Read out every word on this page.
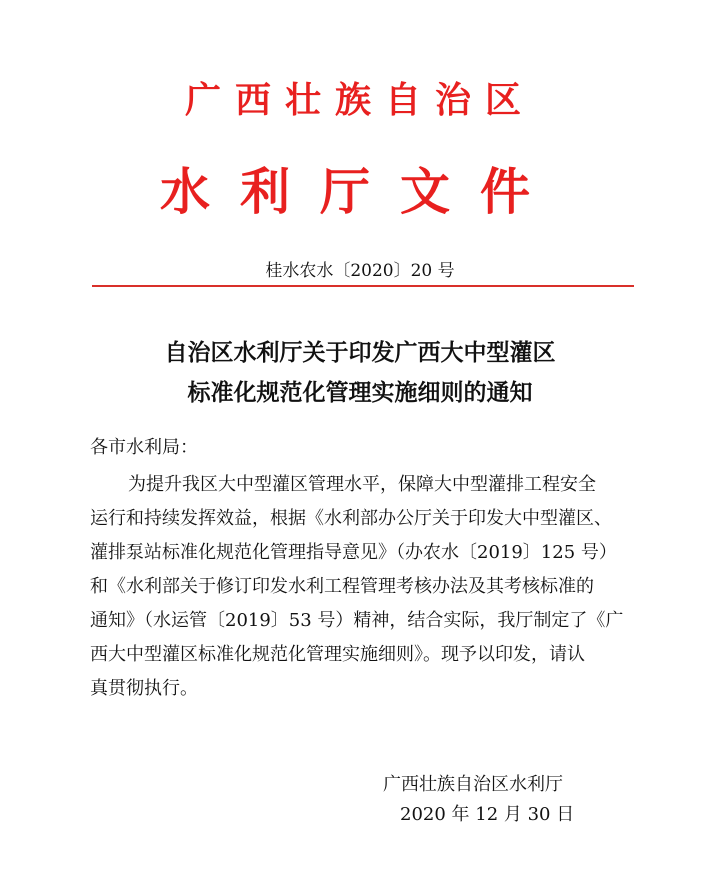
广西壮族自治区
水利厅文件
桂水农水〔2020〕20 号
自治区水利厅关于印发广西大中型灌区
标准化规范化管理实施细则的通知
各市水利局：
为提升我区大中型灌区管理水平，保障大中型灌排工程安全
运行和持续发挥效益，根据《水利部办公厅关于印发大中型灌区、
灌排泵站标准化规范化管理指导意见》（办农水〔2019〕125 号）
和《水利部关于修订印发水利工程管理考核办法及其考核标准的
通知》（水运管〔2019〕53 号）精神，结合实际，我厅制定了《广
西大中型灌区标准化规范化管理实施细则》。现予以印发，请认
真贯彻执行。
广西壮族自治区水利厅
2020 年 12 月 30 日
